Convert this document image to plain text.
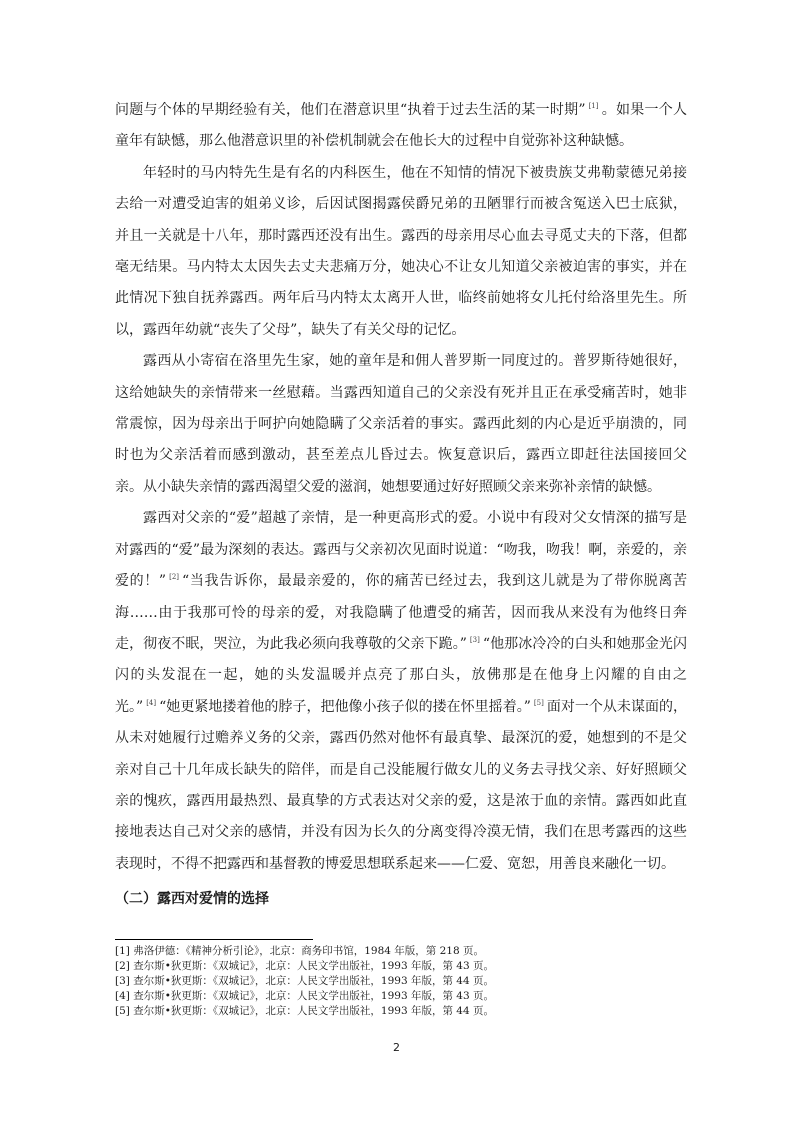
问题与个体的早期经验有关，他们在潜意识里“执着于过去生活的某一时期” [1] 。如果一个人童年有缺憾，那么他潜意识里的补偿机制就会在他长大的过程中自觉弥补这种缺憾。

年轻时的马内特先生是有名的内科医生，他在不知情的情况下被贵族艾弗勒蒙德兄弟接去给一对遭受迫害的姐弟义诊，后因试图揭露侯爵兄弟的丑陋罪行而被含冤送入巴士底狱，并且一关就是十八年，那时露西还没有出生。露西的母亲用尽心血去寻觅丈夫的下落，但都毫无结果。马内特太太因失去丈夫悲痛万分，她决心不让女儿知道父亲被迫害的事实，并在此情况下独自抚养露西。两年后马内特太太离开人世，临终前她将女儿托付给洛里先生。所以，露西年幼就“丧失了父母”，缺失了有关父母的记忆。

露西从小寄宿在洛里先生家，她的童年是和佣人普罗斯一同度过的。普罗斯待她很好，这给她缺失的亲情带来一丝慰藉。当露西知道自己的父亲没有死并且正在承受痛苦时，她非常震惊，因为母亲出于呵护向她隐瞒了父亲活着的事实。露西此刻的内心是近乎崩溃的，同时也为父亲活着而感到激动，甚至差点儿昏过去。恢复意识后，露西立即赶往法国接回父亲。从小缺失亲情的露西渴望父爱的滋润，她想要通过好好照顾父亲来弥补亲情的缺憾。

露西对父亲的“爱”超越了亲情，是一种更高形式的爱。小说中有段对父女情深的描写是对露西的“爱”最为深刻的表达。露西与父亲初次见面时说道：“吻我，吻我！啊，亲爱的，亲爱的！” [2] “当我告诉你，最最亲爱的，你的痛苦已经过去，我到这儿就是为了带你脱离苦海……由于我那可怜的母亲的爱，对我隐瞒了他遭受的痛苦，因而我从来没有为他终日奔走，彻夜不眠，哭泣，为此我必须向我尊敬的父亲下跪。” [3] “他那冰冷冷的白头和她那金光闪闪的头发混在一起，她的头发温暖并点亮了那白头，放佛那是在他身上闪耀的自由之光。” [4] “她更紧地搂着他的脖子，把他像小孩子似的搂在怀里摇着。” [5] 面对一个从未谋面的，从未对她履行过赡养义务的父亲，露西仍然对他怀有最真挚、最深沉的爱，她想到的不是父亲对自己十几年成长缺失的陪伴，而是自己没能履行做女儿的义务去寻找父亲、好好照顾父亲的愧疚，露西用最热烈、最真挚的方式表达对父亲的爱，这是浓于血的亲情。露西如此直接地表达自己对父亲的感情，并没有因为长久的分离变得冷漠无情，我们在思考露西的这些表现时，不得不把露西和基督教的博爱思想联系起来——仁爱、宽恕，用善良来融化一切。

（二）露西对爱情的选择
[1] 弗洛伊德：《精神分析引论》，北京：商务印书馆，1984 年版，第 218 页。
[2] 查尔斯•狄更斯：《双城记》，北京：人民文学出版社，1993 年版，第 43 页。
[3] 查尔斯•狄更斯：《双城记》，北京：人民文学出版社，1993 年版，第 44 页。
[4] 查尔斯•狄更斯：《双城记》，北京：人民文学出版社，1993 年版，第 43 页。
[5] 查尔斯•狄更斯：《双城记》，北京：人民文学出版社，1993 年版，第 44 页。
2
